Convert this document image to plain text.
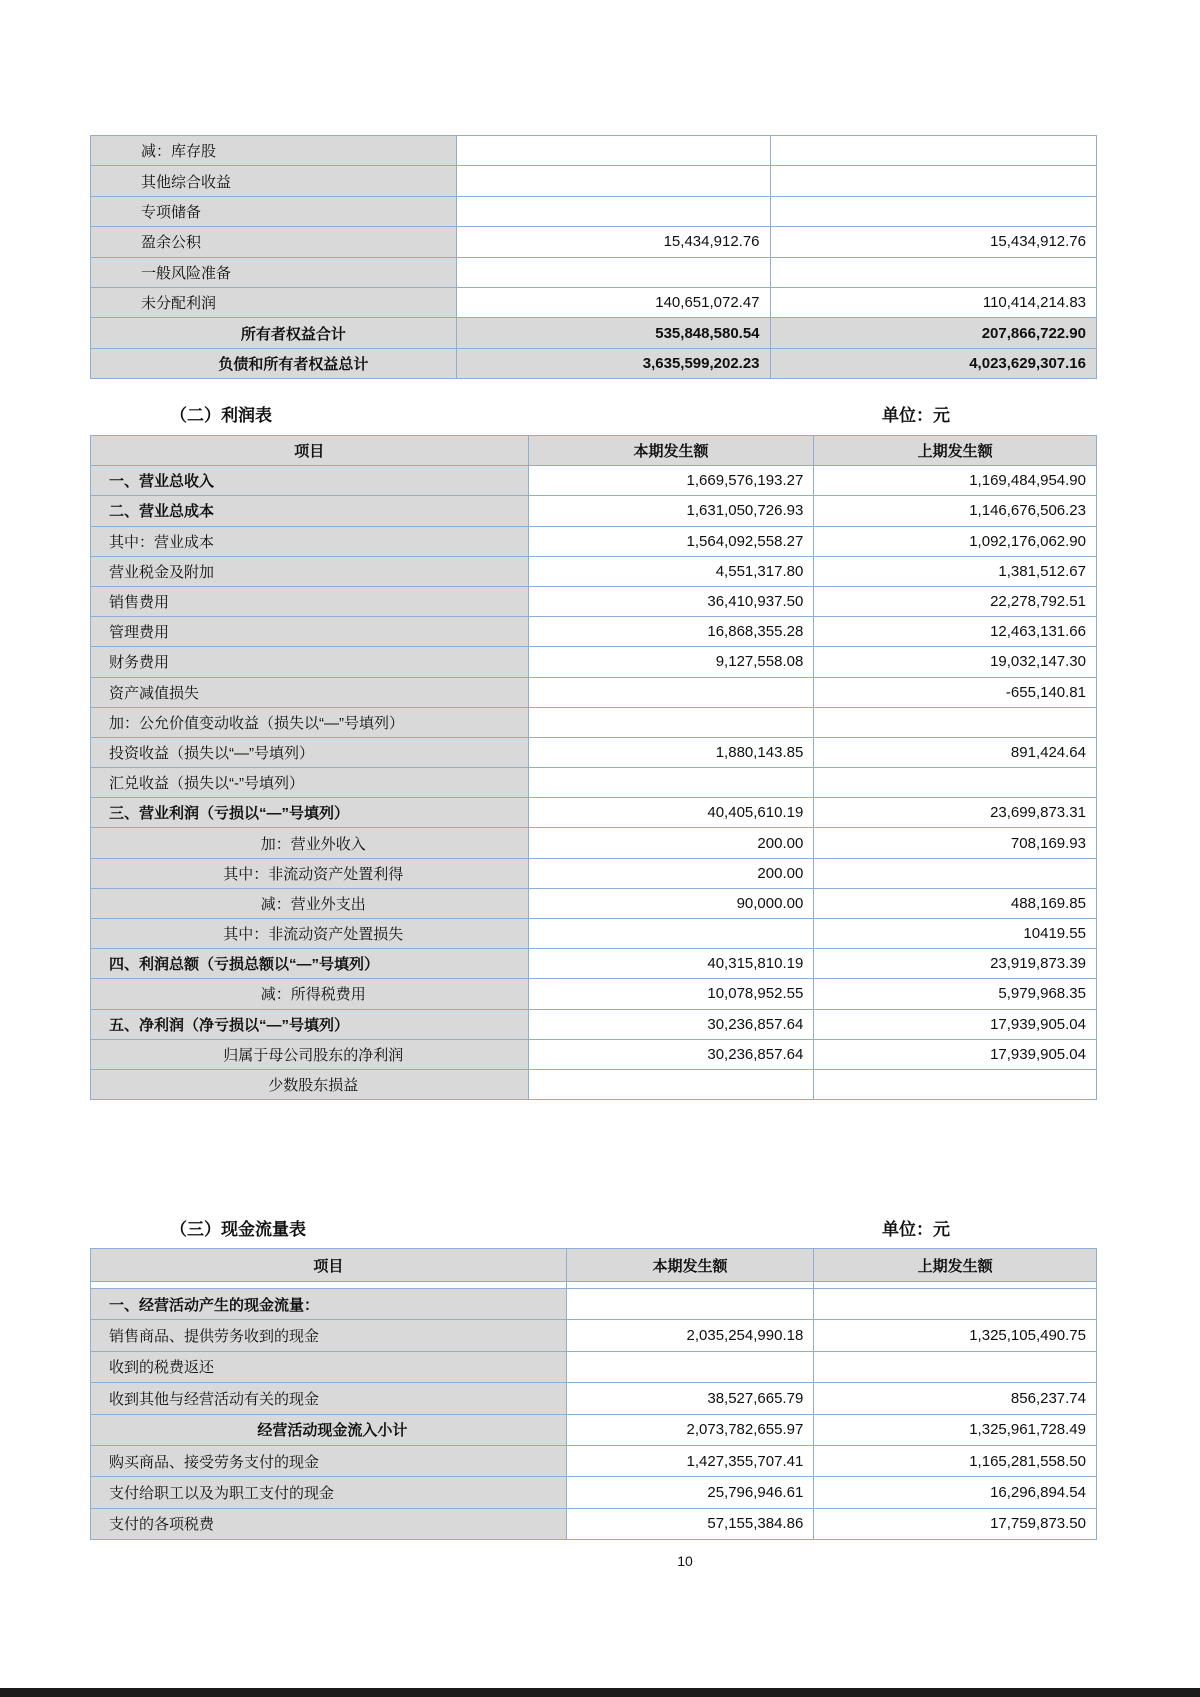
减：库存股		
其他综合收益		
专项储备		
盈余公积	15,434,912.76	15,434,912.76
一般风险准备		
未分配利润	140,651,072.47	110,414,214.83
所有者权益合计	535,848,580.54	207,866,722.90
负债和所有者权益总计	3,635,599,202.23	4,023,629,307.16
（二）利润表	单位：元
项目	本期发生额	上期发生额
一、营业总收入	1,669,576,193.27	1,169,484,954.90
二、营业总成本	1,631,050,726.93	1,146,676,506.23
其中：营业成本	1,564,092,558.27	1,092,176,062.90
营业税金及附加	4,551,317.80	1,381,512.67
销售费用	36,410,937.50	22,278,792.51
管理费用	16,868,355.28	12,463,131.66
财务费用	9,127,558.08	19,032,147.30
资产减值损失		-655,140.81
加：公允价值变动收益（损失以“—”号填列）		
投资收益（损失以“—”号填列）	1,880,143.85	891,424.64
汇兑收益（损失以“-”号填列）		
三、营业利润（亏损以“—”号填列）	40,405,610.19	23,699,873.31
加：营业外收入	200.00	708,169.93
其中：非流动资产处置利得	200.00	
减：营业外支出	90,000.00	488,169.85
其中：非流动资产处置损失		10419.55
四、利润总额（亏损总额以“—”号填列）	40,315,810.19	23,919,873.39
减：所得税费用	10,078,952.55	5,979,968.35
五、净利润（净亏损以“—”号填列）	30,236,857.64	17,939,905.04
归属于母公司股东的净利润	30,236,857.64	17,939,905.04
少数股东损益		
（三）现金流量表	单位：元
项目	本期发生额	上期发生额

一、经营活动产生的现金流量：		
销售商品、提供劳务收到的现金	2,035,254,990.18	1,325,105,490.75
收到的税费返还		
收到其他与经营活动有关的现金	38,527,665.79	856,237.74
经营活动现金流入小计	2,073,782,655.97	1,325,961,728.49
购买商品、接受劳务支付的现金	1,427,355,707.41	1,165,281,558.50
支付给职工以及为职工支付的现金	25,796,946.61	16,296,894.54
支付的各项税费	57,155,384.86	17,759,873.50
10
